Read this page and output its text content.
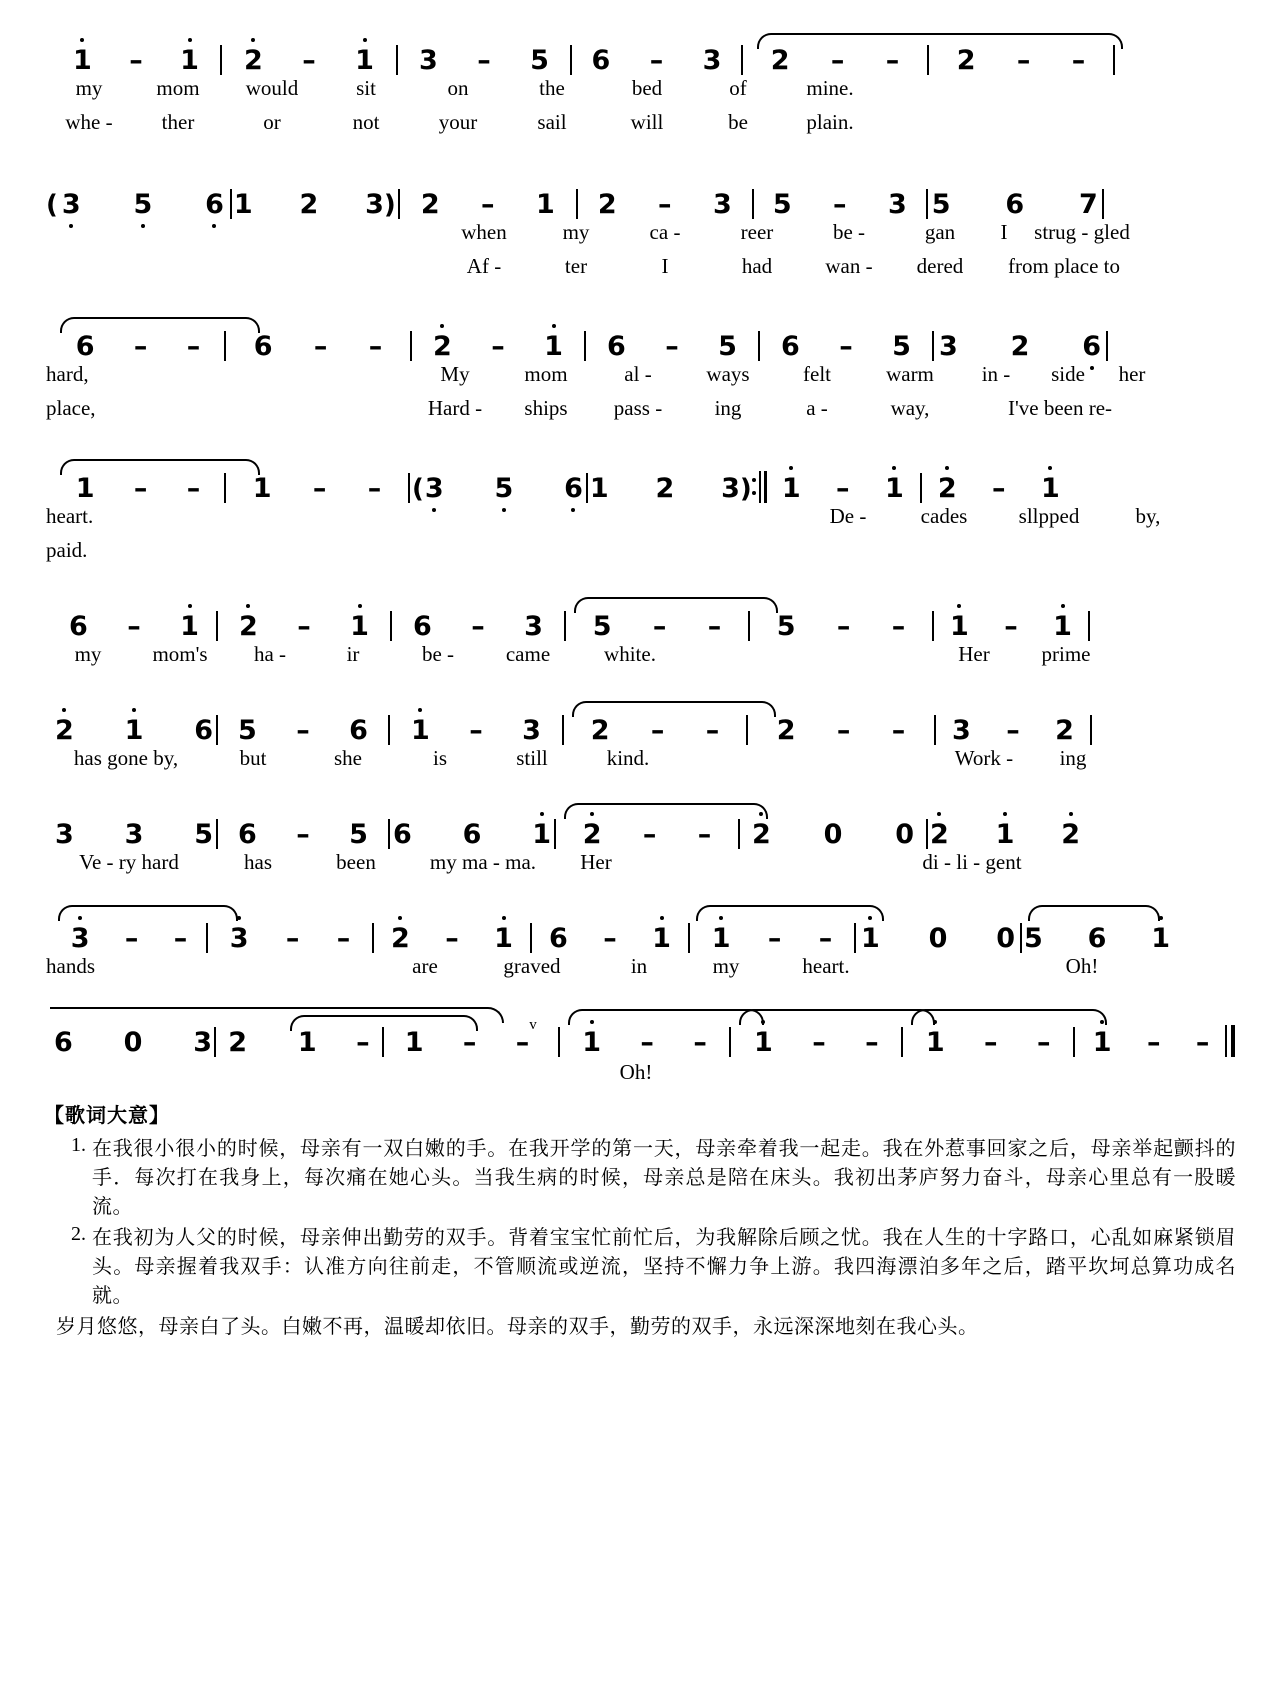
1 – 1	2 – 1	3 – 5	6 – 3	2 – –	2 – –
my	mom	would	sit	on	the	bed	of	mine.
whe -	ther	or	not	your	sail	will	be	plain.
( 3 5 6 1 2 3 ) 2 – 1	2 – 3	5 – 3 5 6 7
when	my	ca -	reer	be -	gan	I	strug - gled
Af -	ter	I	had	wan -	dered	from place to
6 – –	6 – –	2 – 1	6 – 5	6 – 5	3 2 6
hard,	My	mom	al -	ways	felt	warm	in -	side	her
place,	Hard -	ships	pass -	ing	a -	way,	I've been re-
1 – –	1 – –	( 3 5 6 1 2 3 )	1 – 1	2 – 1
heart.	De -	cades	sllpped	by,
paid.
6 – 1	2 – 1	6 – 3	5 – –	5 – –	1 – 1
my	mom's	ha -	ir	be -	came	white.	Her	prime
2 1 6 5 – 6	1 – 3	2 – –	2 – –	3 – 2
has gone by,	but	she	is	still	kind.	Work -	ing
3 3 5 6 – 5 6 6 1	2 – –	2 0 0 2 1 2
Ve - ry hard	has	been	my ma - ma.	Her	di - li - gent
3 – –	3 – –	2 – 1	6 – 1	1 – –	1 0 0 5 6 1
hands	are	graved	in	my	heart.	Oh!
6 0 3 2 1 –	1 – –$^v$
1 – –	1 – –	1 – –	1 – –
Oh!
【歌词大意】
1. 在我很小很小的时候，母亲有一双白嫩的手。在我开学的第一天，母亲牵着我一起走。我在外惹事回家之后，母亲举起颤抖的手．每次打在我身上，每次痛在她心头。当我生病的时候，母亲总是陪在床头。我初出茅庐努力奋斗，母亲心里总有一股暖流。
2. 在我初为人父的时候，母亲伸出勤劳的双手。背着宝宝忙前忙后，为我解除后顾之忧。我在人生的十字路口，心乱如麻紧锁眉头。母亲握着我双手：认准方向往前走，不管顺流或逆流，坚持不懈力争上游。我四海漂泊多年之后，踏平坎坷总算功成名就。
岁月悠悠，母亲白了头。白嫩不再，温暖却依旧。母亲的双手，勤劳的双手，永远深深地刻在我心头。
